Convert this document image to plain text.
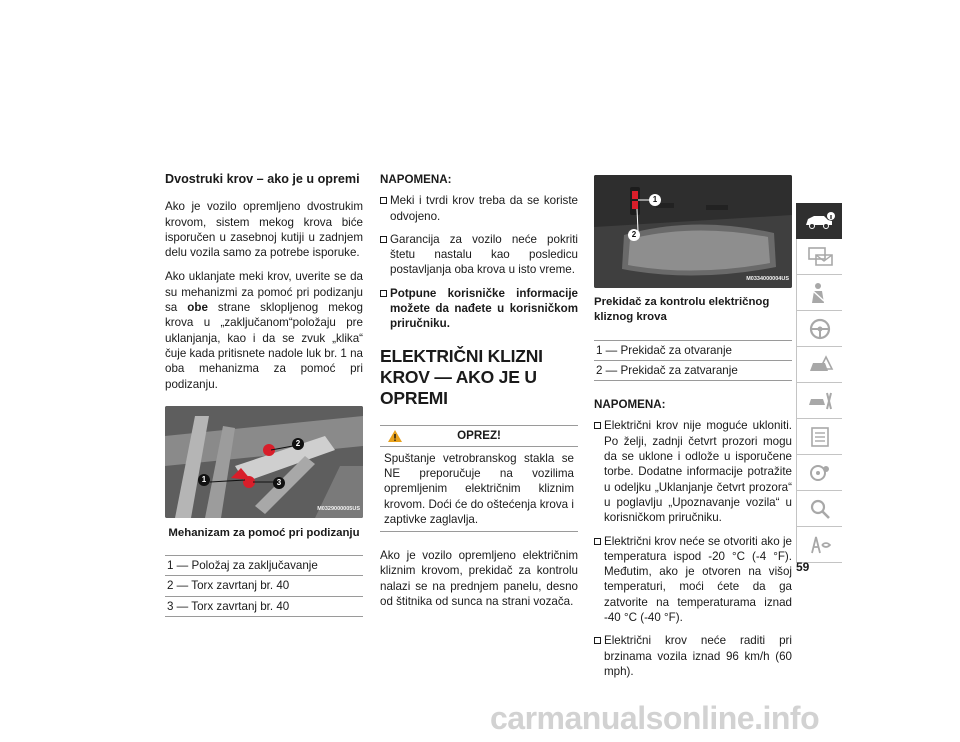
Dvostruki krov – ako je u opremi

Ako je vozilo opremljeno dvostrukim krovom, sistem mekog krova biće isporučen u zasebnoj kutiji u zadnjem delu vozila samo za potrebe isporuke.

Ako uklanjate meki krov, uverite se da su mehanizmi za pomoć pri podizanju sa obe strane sklopljenog mekog krova u „zaključanom“položaju pre uklanjanja, kao i da se zvuk „klika“ čuje kada pritisnete nadole luk br. 1 na oba mehanizma za pomoć pri podizanju.

1
2
3
M0329000005US
Mehanizam za pomoć pri podizanju
1 — Položaj za zaključavanje
2 — Torx zavrtanj br. 40
3 — Torx zavrtanj br. 40
NAPOMENA:
Meki i tvrdi krov treba da se koriste odvojeno.
Garancija za vozilo neće pokriti štetu nastalu kao posledicu postavljanja oba krova u isto vreme.
Potpune korisničke informacije možete da nađete u korisničkom priručniku.
ELEKTRIČNI KLIZNI KROV — AKO JE U OPREMI
OPREZ!
Spuštanje vetrobranskog stakla se NE preporučuje na vozilima opremljenim električnim kliznim krovom. Doći će do oštećenja krova i zaptivke zaglavlja.

Ako je vozilo opremljeno električnim kliznim krovom, prekidač za kontrolu nalazi se na prednjem panelu, desno od štitnika od sunca na strani vozača.

1
2
M0334000004US
Prekidač za kontrolu električnog kliznog krova
1 — Prekidač za otvaranje
2 — Prekidač za zatvaranje
NAPOMENA:
Električni krov nije moguće ukloniti. Po želji, zadnji četvrt prozori mogu da se uklone i odlože u isporučene torbe. Dodatne informacije potražite u odeljku „Uklanjanje četvrt prozora“ u poglavlju „Upoznavanje vozila“ u korisničkom priručniku.
Električni krov neće se otvoriti ako je temperatura ispod -20 °C (-4 °F). Međutim, ako je otvoren na višoj temperaturi, moći ćete da ga zatvorite na temperaturama iznad -40 °C (-40 °F).
Električni krov neće raditi pri brzinama vozila iznad 96 km/h (60 mph).
59
carmanualsonline.info
